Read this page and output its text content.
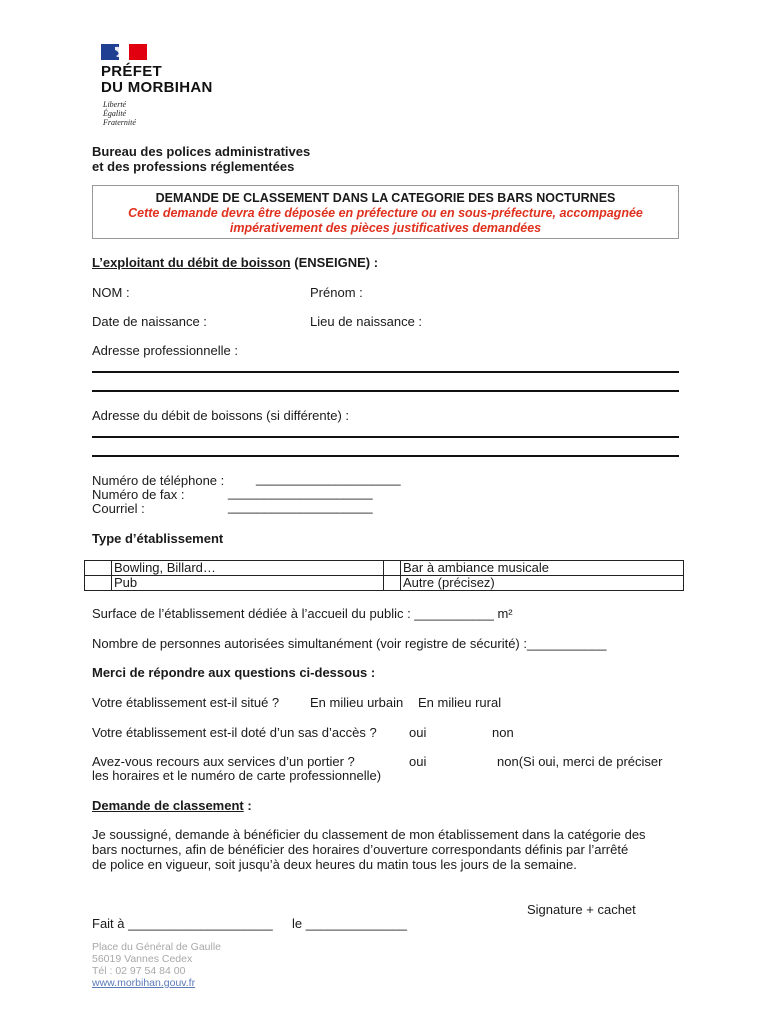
PRÉFET
DU MORBIHAN
Liberté
Égalité
Fraternité
Bureau des polices administratives
et des professions réglementées
DEMANDE DE CLASSEMENT DANS LA CATEGORIE DES BARS NOCTURNES
Cette demande devra être déposée en préfecture ou en sous-préfecture, accompagnée
impérativement des pièces justificatives demandées
L’exploitant du débit de boisson (ENSEIGNE) :
NOM :	Prénom :
Date de naissance :	Lieu de naissance :
Adresse professionnelle :
Adresse du débit de boissons (si différente) :
Numéro de téléphone : ____________________
Numéro de fax :	____________________
Courriel :	____________________
Type d’établissement
	Bowling, Billard…		Bar à ambiance musicale
	Pub		Autre (précisez)
Surface de l’établissement dédiée à l’accueil du public : ___________ m²
Nombre de personnes autorisées simultanément (voir registre de sécurité) :___________
Merci de répondre aux questions ci-dessous :
Votre établissement est-il situé ? En milieu urbain En milieu rural
Votre établissement est-il doté d’un sas d’accès ? oui	non
Avez-vous recours aux services d’un portier ?	oui	non(Si oui, merci de préciser
les horaires et le numéro de carte professionnelle)
Demande de classement :
Je soussigné, demande à bénéficier du classement de mon établissement dans la catégorie des
bars nocturnes, afin de bénéficier des horaires d’ouverture correspondants définis par l’arrêté
de police en vigueur, soit jusqu’à deux heures du matin tous les jours de la semaine.
Signature + cachet
Fait à ____________________ le ______________
Place du Général de Gaulle
56019 Vannes Cedex
Tél : 02 97 54 84 00
www.morbihan.gouv.fr
